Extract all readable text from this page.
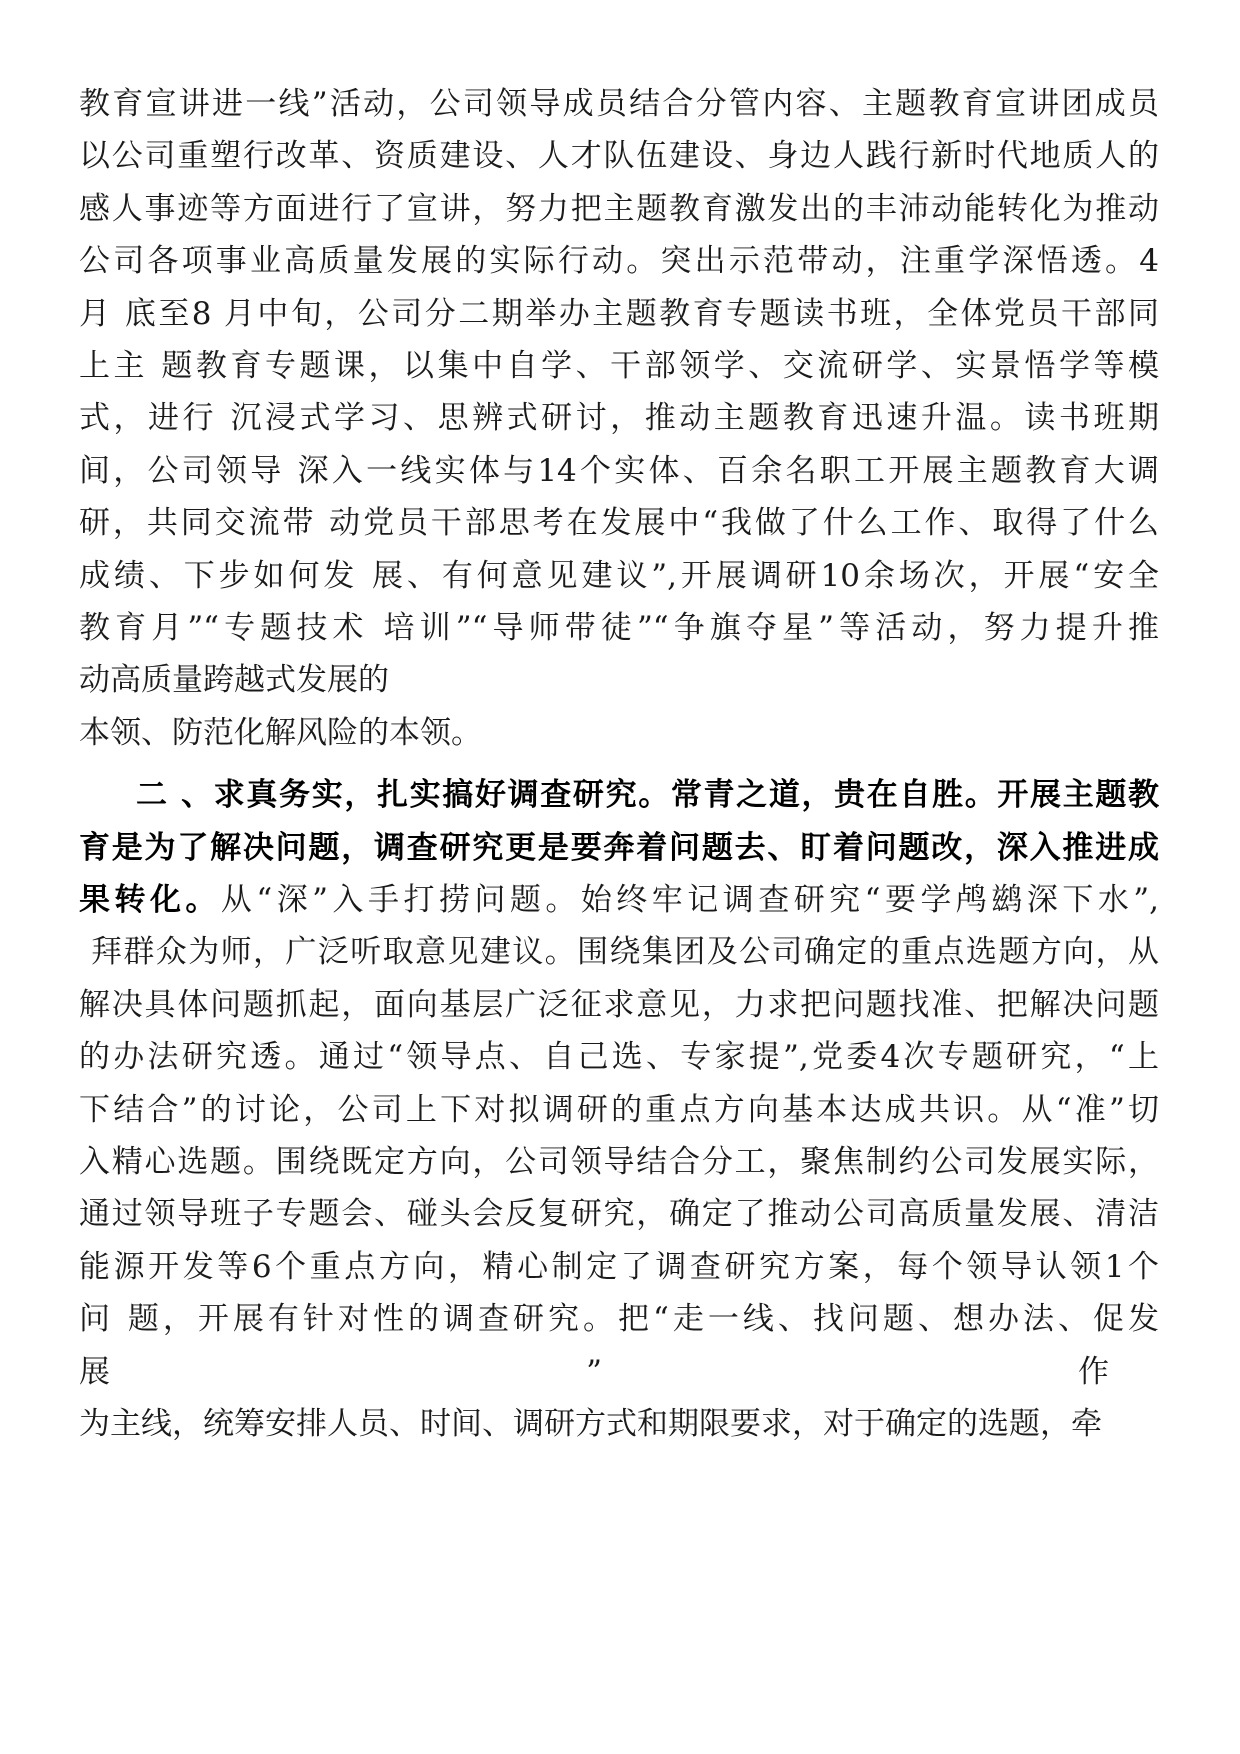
教育宣讲进一线”活动，公司领导成员结合分管内容、主题教育宣讲团成员
以公司重塑行改革、资质建设、人才队伍建设、身边人践行新时代地质人的
感人事迹等方面进行了宣讲，努力把主题教育激发出的丰沛动能转化为推动
公司各项事业高质量发展的实际行动。突出示范带动，注重学深悟透。4
月 底至8 月中旬，公司分二期举办主题教育专题读书班，全体党员干部同
上主 题教育专题课，以集中自学、干部领学、交流研学、实景悟学等模
式，进行 沉浸式学习、思辨式研讨，推动主题教育迅速升温。读书班期
间，公司领导 深入一线实体与14个实体、百余名职工开展主题教育大调
研，共同交流带 动党员干部思考在发展中“我做了什么工作、取得了什么
成绩、下步如何发 展、有何意见建议”,开展调研10余场次，开展“安全
教育月”“专题技术 培训”“导师带徒”“争旗夺星”等活动，努力提升推
动高质量跨越式发展的
本领、防范化解风险的本领。
二 、求真务实，扎实搞好调查研究。常青之道，贵在自胜。开展主题教
育是为了解决问题，调查研究更是要奔着问题去、盯着问题改，深入推进成
果转化。从“深”入手打捞问题。始终牢记调查研究“要学鸬鹚深下水”,
拜群众为师，广泛听取意见建议。围绕集团及公司确定的重点选题方向，从
解决具体问题抓起，面向基层广泛征求意见，力求把问题找准、把解决问题
的办法研究透。通过“领导点、自己选、专家提”,党委4次专题研究，“上
下结合”的讨论，公司上下对拟调研的重点方向基本达成共识。从“准”切
入精心选题。围绕既定方向，公司领导结合分工，聚焦制约公司发展实际，
通过领导班子专题会、碰头会反复研究，确定了推动公司高质量发展、清洁
能源开发等6个重点方向，精心制定了调查研究方案，每个领导认领1个
问 题，开展有针对性的调查研究。把“走一线、找问题、想办法、促发
展”作
为主线，统筹安排人员、时间、调研方式和期限要求，对于确定的选题，牵
